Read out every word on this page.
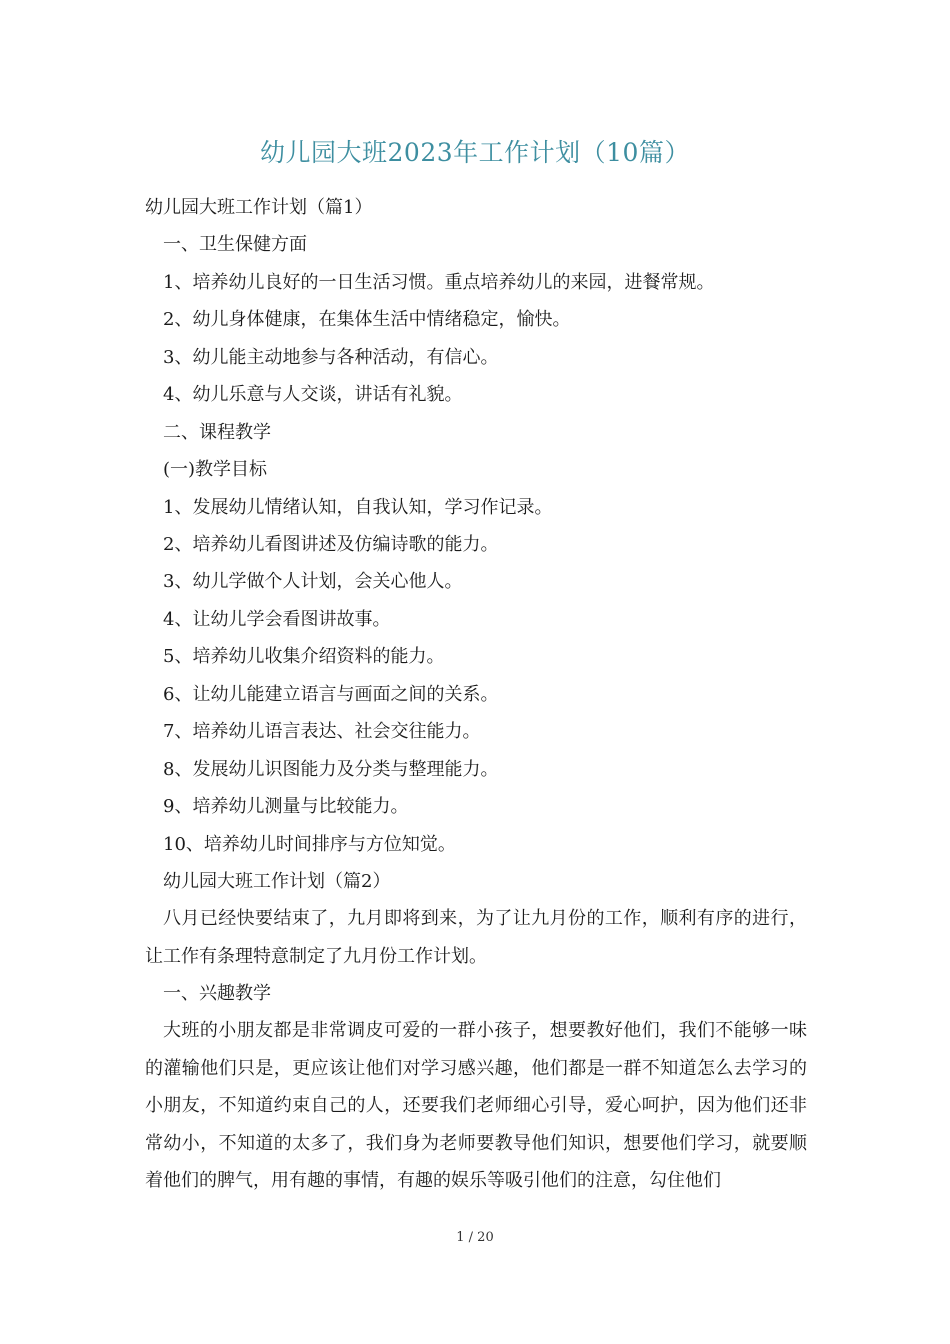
幼儿园大班2023年工作计划（10篇）
幼儿园大班工作计划（篇1）
一、卫生保健方面
1、培养幼儿良好的一日生活习惯。重点培养幼儿的来园，进餐常规。
2、幼儿身体健康，在集体生活中情绪稳定，愉快。
3、幼儿能主动地参与各种活动，有信心。
4、幼儿乐意与人交谈，讲话有礼貌。
二、课程教学
(一)教学目标
1、发展幼儿情绪认知，自我认知，学习作记录。
2、培养幼儿看图讲述及仿编诗歌的能力。
3、幼儿学做个人计划，会关心他人。
4、让幼儿学会看图讲故事。
5、培养幼儿收集介绍资料的能力。
6、让幼儿能建立语言与画面之间的关系。
7、培养幼儿语言表达、社会交往能力。
8、发展幼儿识图能力及分类与整理能力。
9、培养幼儿测量与比较能力。
10、培养幼儿时间排序与方位知觉。
幼儿园大班工作计划（篇2）

八月已经快要结束了，九月即将到来，为了让九月份的工作，顺利有序的进行，让工作有条理特意制定了九月份工作计划。

一、兴趣教学

大班的小朋友都是非常调皮可爱的一群小孩子，想要教好他们，我们不能够一味的灌输他们只是，更应该让他们对学习感兴趣，他们都是一群不知道怎么去学习的小朋友，不知道约束自己的人，还要我们老师细心引导，爱心呵护，因为他们还非常幼小，不知道的太多了，我们身为老师要教导他们知识，想要他们学习，就要顺着他们的脾气，用有趣的事情，有趣的娱乐等吸引他们的注意，勾住他们

1 / 20
